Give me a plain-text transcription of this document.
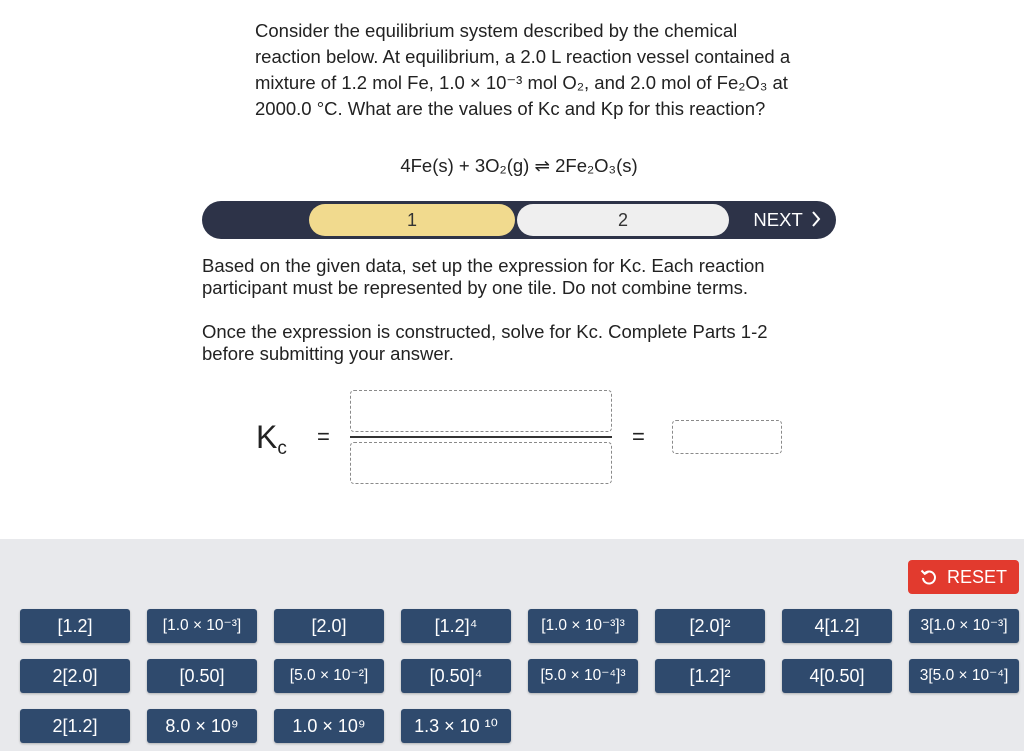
Consider the equilibrium system described by the chemical reaction below. At equilibrium, a 2.0 L reaction vessel contained a mixture of 1.2 mol Fe, 1.0 × 10⁻³ mol O₂, and 2.0 mol of Fe₂O₃ at 2000.0 °C. What are the values of Kc and Kp for this reaction?
4Fe(s) + 3O₂(g) ⇌ 2Fe₂O₃(s)
1	2	NEXT
Based on the given data, set up the expression for Kc. Each reaction participant must be represented by one tile. Do not combine terms.
Once the expression is constructed, solve for Kc. Complete Parts 1-2 before submitting your answer.
$K_c$ =	=
RESET
[1.2]	[1.0 × 10⁻³]	[2.0]	[1.2]⁴	[1.0 × 10⁻³]³	[2.0]²	4[1.2]	3[1.0 × 10⁻³]
2[2.0]	[0.50]	[5.0 × 10⁻²]	[0.50]⁴	[5.0 × 10⁻⁴]³	[1.2]²	4[0.50]	3[5.0 × 10⁻⁴]
2[1.2]	8.0 × 10⁹	1.0 × 10⁹	1.3 × 10 ¹⁰
